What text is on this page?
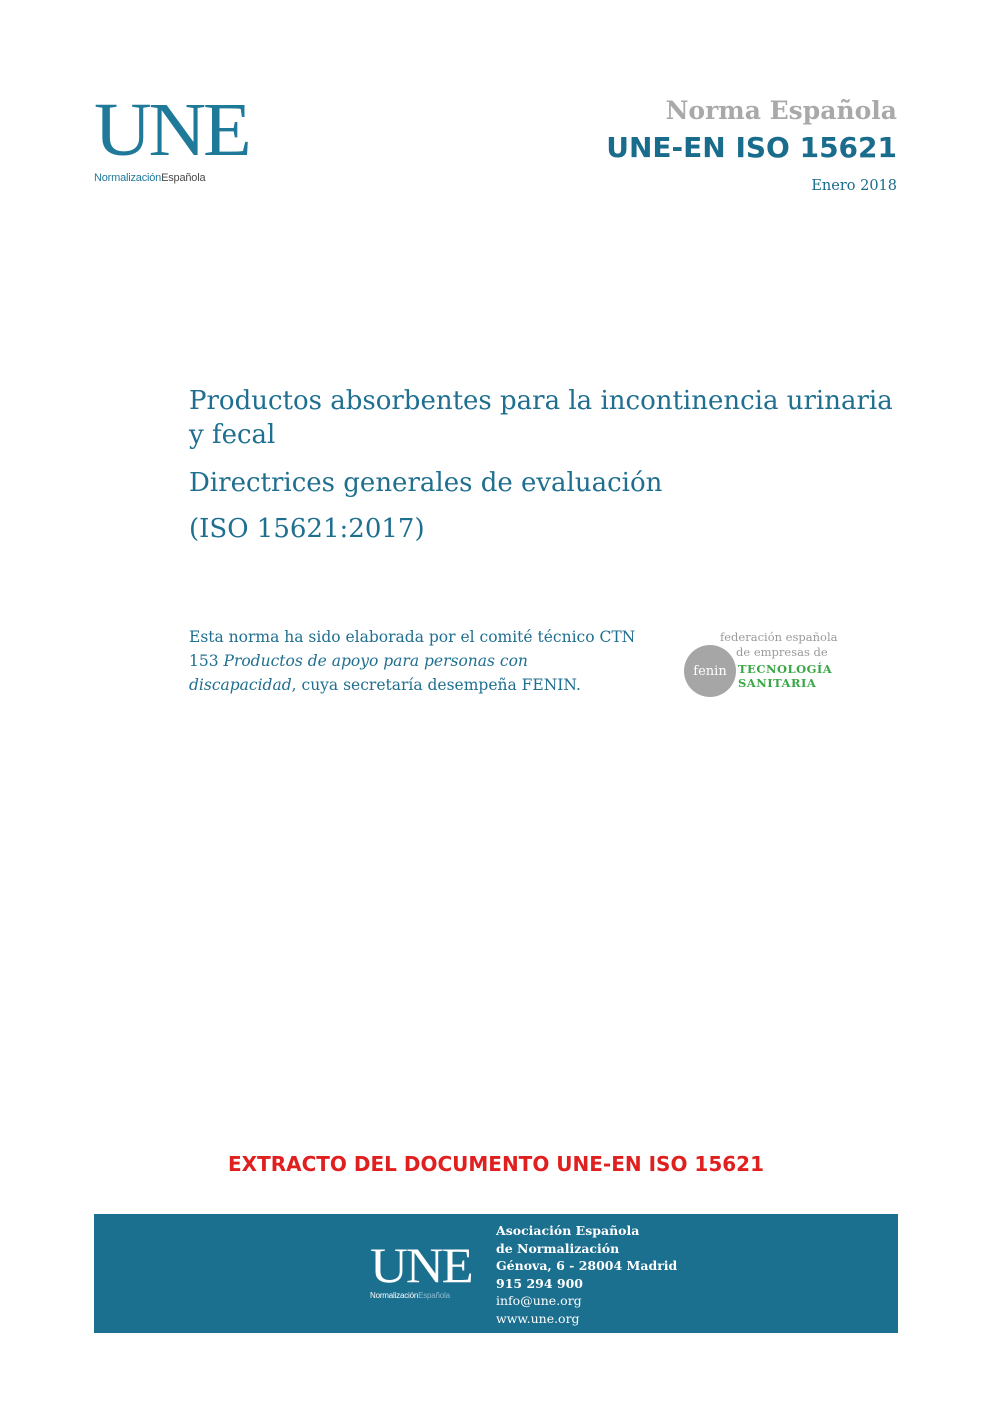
UNE
NormalizaciónEspañola
Norma Española
UNE-EN ISO 15621
Enero 2018
Productos absorbentes para la incontinencia urinaria y fecal
Directrices generales de evaluación
(ISO 15621:2017)
Esta norma ha sido elaborada por el comité técnico CTN 153 Productos de apoyo para personas con discapacidad, cuya secretaría desempeña FENIN.
federación española
fenin
de empresas de
TECNOLOGÍA SANITARIA
EXTRACTO DEL DOCUMENTO UNE-EN ISO 15621
UNE
NormalizaciónEspañola
Asociación Española
de Normalización
Génova, 6 - 28004 Madrid
915 294 900
info@une.org
www.une.org
